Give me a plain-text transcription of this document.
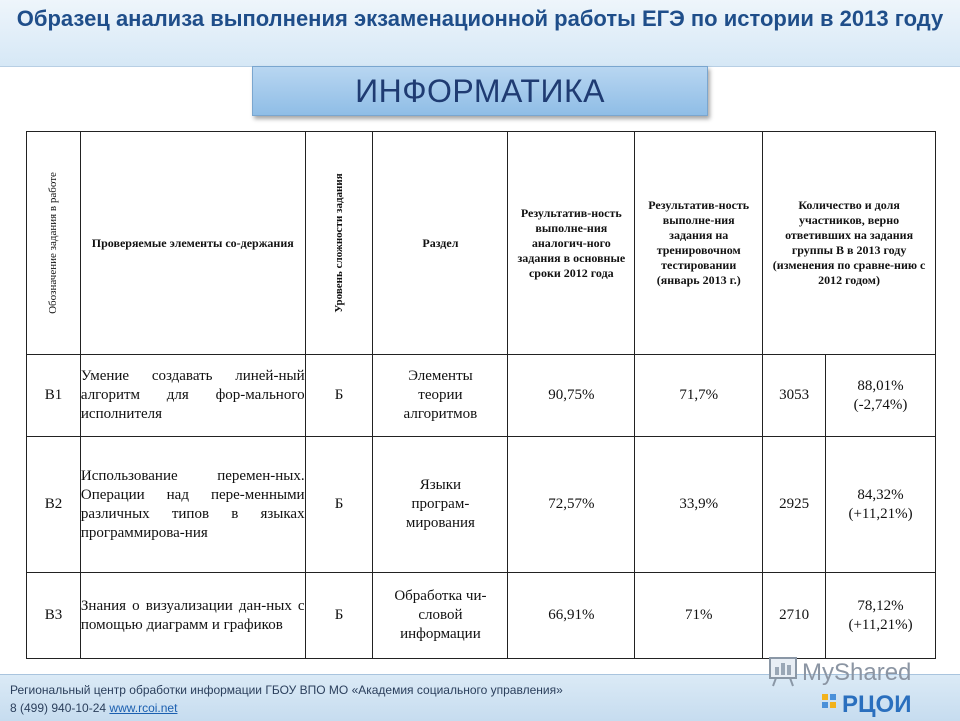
Образец анализа выполнения экзаменационной работы ЕГЭ по истории в 2013 году
ИНФОРМАТИКА
Обозначение задания в работе	Проверяемые элементы со-держания	Уровень сложности задания	Раздел	Результатив-ность выполне-ния аналогич-ного задания в основные сроки 2012 года	Результатив-ность выполне-ния задания на тренировочном тестировании (январь 2013 г.)	Количество и доля участников, верно ответивших на задания группы В в 2013 году (изменения по сравне-нию с 2012 годом)	
В1	Умение создавать линей-ный алгоритм для фор-мального исполнителя	Б	Элементы теории алгоритмов	90,75%	71,7%	3053	88,01%
(-2,74%)

В2	Использование перемен-ных. Операции над пере-менными различных типов в языках программирова-ния	Б	Языки програм-мирования	72,57%	33,9%	2925	84,32%
(+11,21%)

В3	Знания о визуализации дан-ных с помощью диаграмм и графиков	Б	Обработка чи-словой информации	66,91%	71%	2710	78,12%
(+11,21%)
Региональный центр обработки информации ГБОУ ВПО МО «Академия социального управления»
8 (499) 940-10-24 www.rcoi.net
MyShared
РЦОИ
